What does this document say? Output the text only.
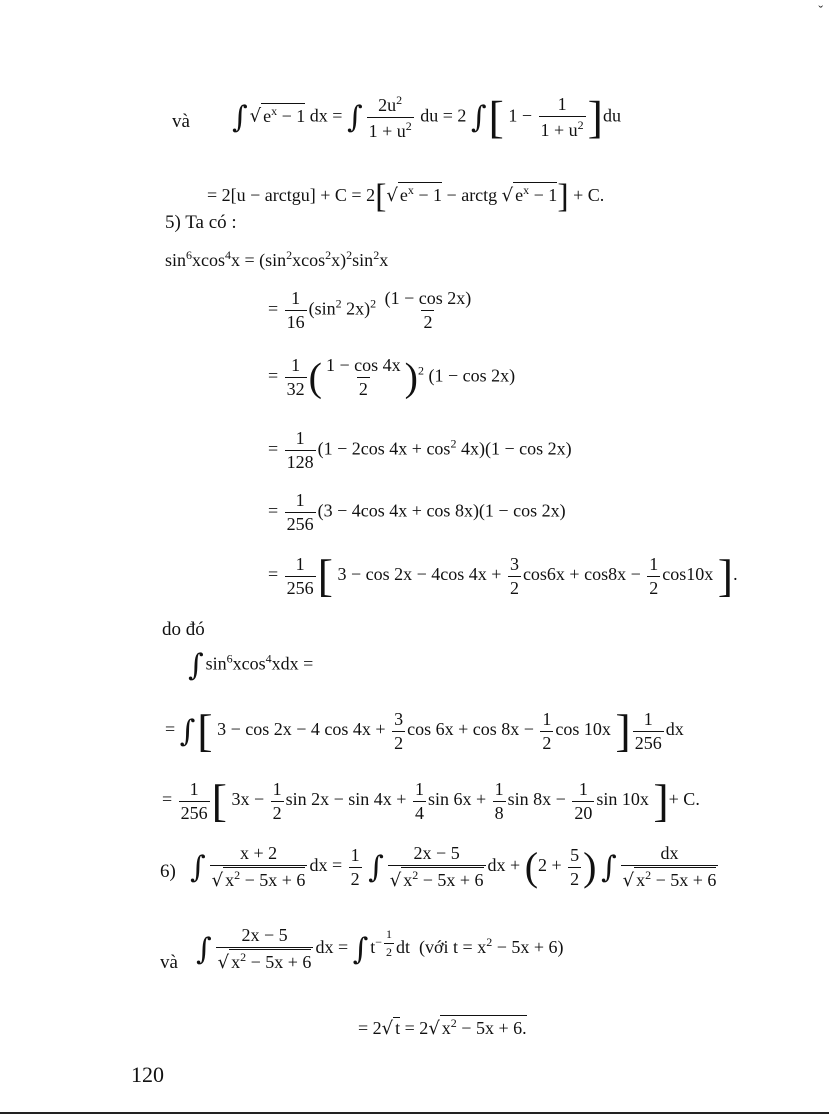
ˇ
và ∫ √ $e^x - 1$ dx = ∫ $\frac{2u^2}{1 + u^2}$ du = 2 ∫[ $1 - \frac{1}{1 + u^2} ]du$
= 2[u − arctgu] + C = 2[√ $e^x - 1$ − arctg √ $e^x - 1] + C$.
5) Ta có :
$\sin^6xcos^4x = (\sin^2xcos^2x)^2\sin^2x$
= $\frac{1}{16} (\sin^2$ $2x)^2 \frac{(1 - \cos 2x)}{2}$
= $\frac{1}{32}$ ( $\frac{1 - \cos 4x}{2} )^2$ (1 − cos 2x)
= $\frac{1}{128} (1 - 2\cos$ $4x + \cos^2 4x)(1 - \cos 2x)$
= $\frac{1}{256} (3 - 4\cos$ 4x + cos 8x)(1 − cos 2x)
= $\frac{1}{256}$ [ 3 − cos 2x − 4cos $4x + \frac{3}{2} \cos 6x + \cos 8x - \frac{1}{2} \cos 10x$ ].
do đó
∫ $\sin^6xcos^4xdx$ =
= ∫[ 3 − cos 2x − 4 $\cos 4x + \frac{3}{2}$ $\cos 6x + \cos 8x - \frac{1}{2}$ cos 10x ] $\frac{1}{256}$ dx
= $\frac{1}{256}$ [ $3x - \frac{1}{2}$ $\sin 2x - \sin 4x + \frac{1}{4}$ $\sin 6x + \frac{1}{8}$ $\sin 8x - \frac{1}{20}$ sin 10x ]+ C.
6) ∫ $\frac{x + 2}{√ x^2 - 5x + 6}$ dx = $\frac{1}{2}$ ∫ $\frac{2x - 5}{√ x^2 - 5x + 6}$ dx + ($2 + \frac{5}{2}$ ) ∫ $\frac{dx}{√ x^2 - 5x + 6}$
và ∫ $\frac{2x - 5}{√ x^2 - 5x + 6}$ dx = ∫ $t^{- \frac{1}{2}}$ dt  (với $t = x^2 - 5x + 6$)
= 2√ t = 2√ $x^2 - 5x + 6$.
120
